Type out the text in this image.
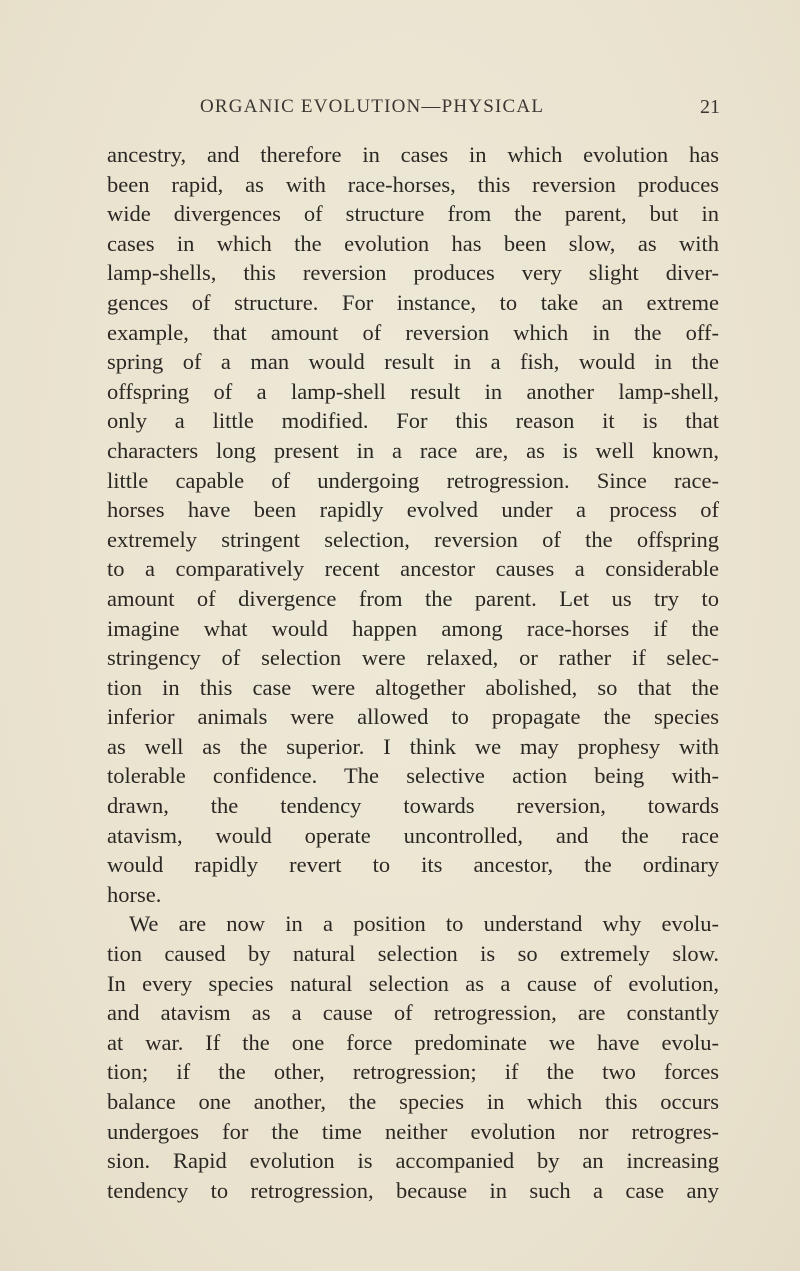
ORGANIC EVOLUTION—PHYSICAL	21
ancestry, and therefore in cases in which evolution has
been rapid, as with race-horses, this reversion produces
wide divergences of structure from the parent, but in
cases in which the evolution has been slow, as with
lamp-shells, this reversion produces very slight diver-
gences of structure. For instance, to take an extreme
example, that amount of reversion which in the off-
spring of a man would result in a fish, would in the
offspring of a lamp-shell result in another lamp-shell,
only a little modified. For this reason it is that
characters long present in a race are, as is well known,
little capable of undergoing retrogression. Since race-
horses have been rapidly evolved under a process of
extremely stringent selection, reversion of the offspring
to a comparatively recent ancestor causes a considerable
amount of divergence from the parent. Let us try to
imagine what would happen among race-horses if the
stringency of selection were relaxed, or rather if selec-
tion in this case were altogether abolished, so that the
inferior animals were allowed to propagate the species
as well as the superior. I think we may prophesy with
tolerable confidence. The selective action being with-
drawn, the tendency towards reversion, towards
atavism, would operate uncontrolled, and the race
would rapidly revert to its ancestor, the ordinary
horse.
We are now in a position to understand why evolu-
tion caused by natural selection is so extremely slow.
In every species natural selection as a cause of evolution,
and atavism as a cause of retrogression, are constantly
at war. If the one force predominate we have evolu-
tion; if the other, retrogression; if the two forces
balance one another, the species in which this occurs
undergoes for the time neither evolution nor retrogres-
sion. Rapid evolution is accompanied by an increasing
tendency to retrogression, because in such a case any
